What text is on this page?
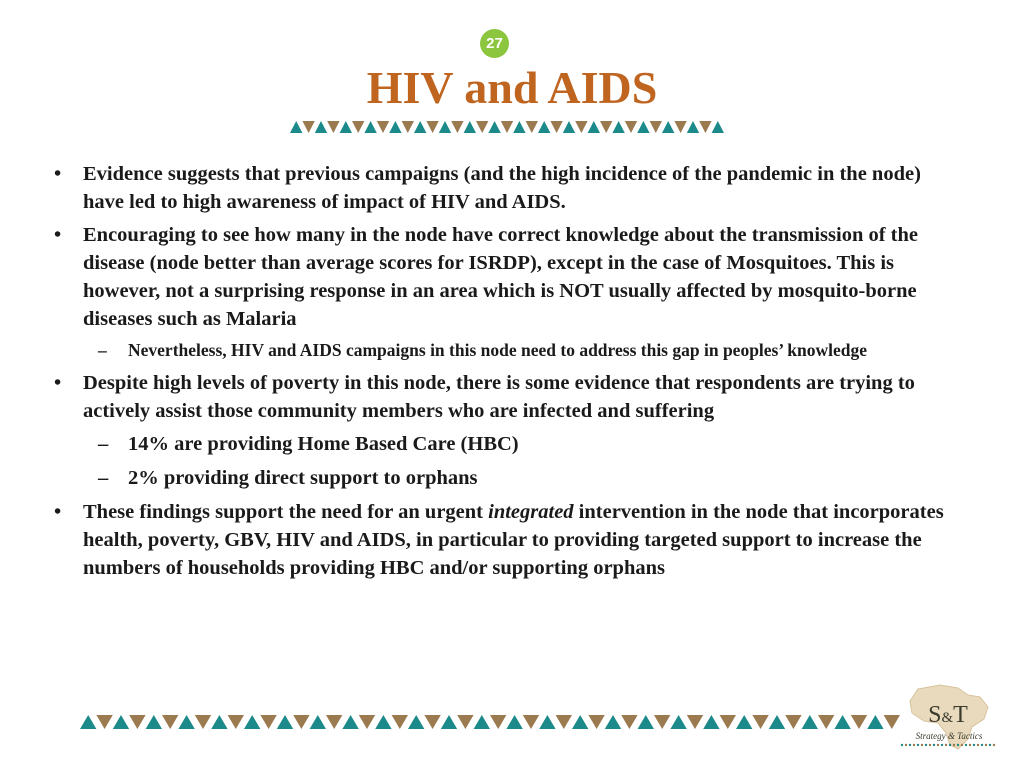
27
HIV and AIDS
•	Evidence suggests that previous campaigns (and the high incidence of the pandemic in the node) have led to high awareness of impact of HIV and AIDS.
•	Encouraging to see how many in the node have correct knowledge about the transmission of the disease (node better than average scores for ISRDP), except in the case of Mosquitoes. This is however, not a surprising response in an area which is NOT usually affected by mosquito-borne diseases such as Malaria
–	Nevertheless, HIV and AIDS campaigns in this node need to address this gap in peoples’ knowledge
•	Despite high levels of poverty in this node, there is some evidence that respondents are trying to actively assist those community members who are infected and suffering
– 14% are providing Home Based Care (HBC)
– 2% providing direct support to orphans
•	These findings support the need for an urgent integrated intervention in the node that incorporates health, poverty, GBV, HIV and AIDS, in particular to providing targeted support to increase the numbers of households providing HBC and/or supporting orphans
S&T
Strategy & Tactics
